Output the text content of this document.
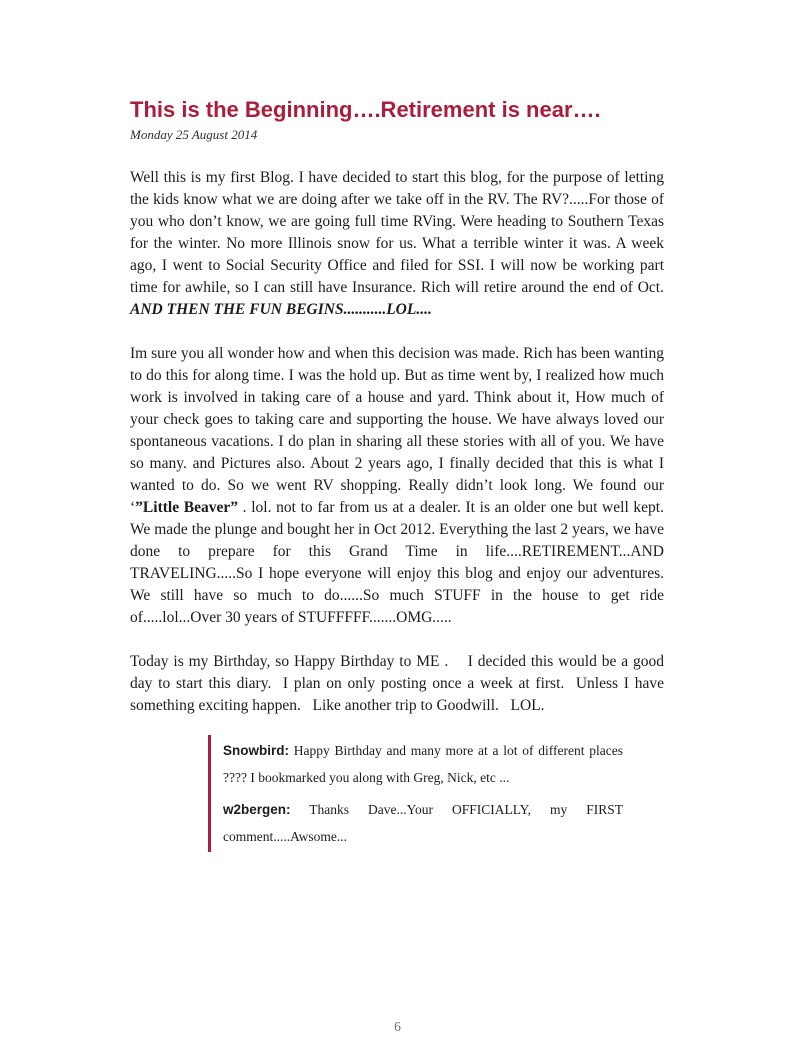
This is the Beginning….Retirement is near….
Monday 25 August 2014

Well this is my first Blog. I have decided to start this blog, for the purpose of letting the kids know what we are doing after we take off in the RV. The RV?.....For those of you who don’t know, we are going full time RVing. Were heading to Southern Texas for the winter. No more Illinois snow for us. What a terrible winter it was. A week ago, I went to Social Security Office and filed for SSI. I will now be working part time for awhile, so I can still have Insurance. Rich will retire around the end of Oct. AND THEN THE FUN BEGINS...........LOL....

Im sure you all wonder how and when this decision was made. Rich has been wanting to do this for along time. I was the hold up. But as time went by, I realized how much work is involved in taking care of a house and yard. Think about it, How much of your check goes to taking care and supporting the house. We have always loved our spontaneous vacations. I do plan in sharing all these stories with all of you. We have so many. and Pictures also. About 2 years ago, I finally decided that this is what I wanted to do. So we went RV shopping. Really didn’t look long. We found our ‘”Little Beaver” . lol. not to far from us at a dealer. It is an older one but well kept. We made the plunge and bought her in Oct 2012. Everything the last 2 years, we have done to prepare for this Grand Time in life....RETIREMENT...AND TRAVELING.....So I hope everyone will enjoy this blog and enjoy our adventures. We still have so much to do......So much STUFF in the house to get ride of.....lol...Over 30 years of STUFFFFF.......OMG.....

Today is my Birthday, so Happy Birthday to ME .    I decided this would be a good day to start this diary.  I plan on only posting once a week at first.  Unless I have something exciting happen.   Like another trip to Goodwill.   LOL.

Snowbird: Happy Birthday and many more at a lot of different places ???? I bookmarked you along with Greg, Nick, etc ...

w2bergen: Thanks Dave...Your OFFICIALLY, my FIRST comment.....Awsome...

6
